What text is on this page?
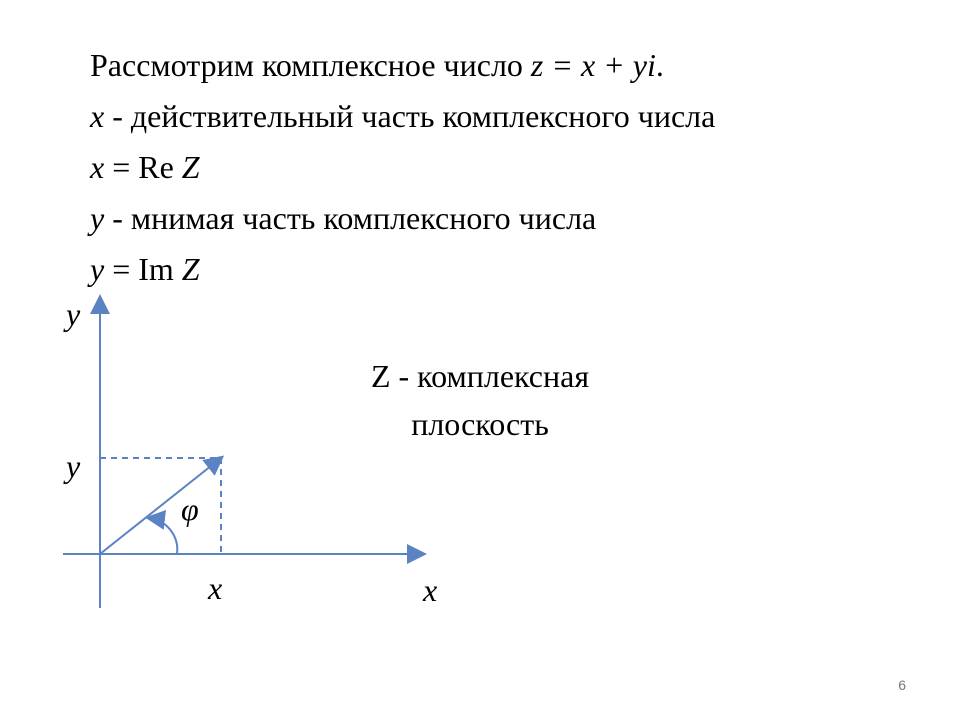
Рассмотрим комплексное число z = x + yi.
x - действительный часть комплексного числа
x = Re Z
y - мнимая часть комплексного числа
y = Im Z
y
y
x	x
φ
Z - комплексная
плоскость
6
